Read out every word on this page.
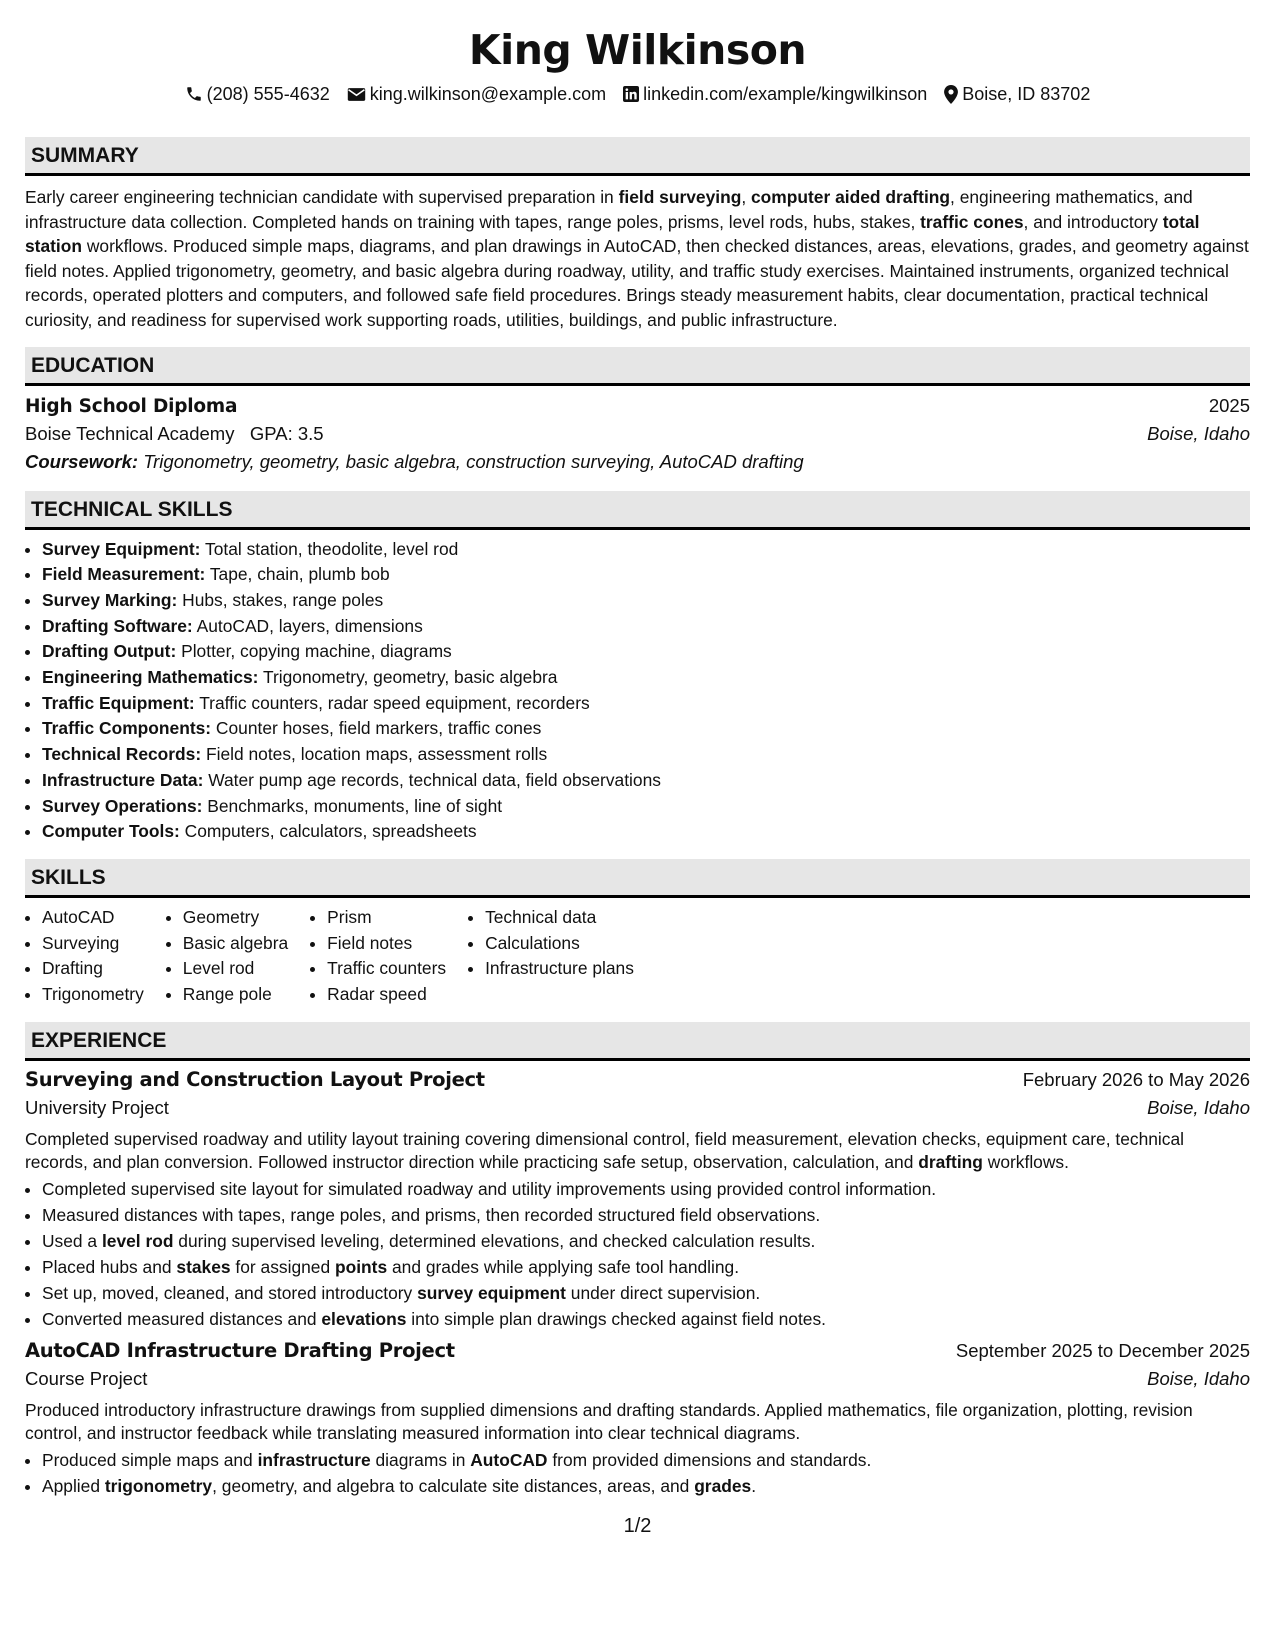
King Wilkinson
(208) 555-4632 king.wilkinson@example.com linkedin.com/example/kingwilkinson Boise, ID 83702
SUMMARY

Early career engineering technician candidate with supervised preparation in field surveying, computer aided drafting, engineering mathematics, and infrastructure data collection. Completed hands on training with tapes, range poles, prisms, level rods, hubs, stakes, traffic cones, and introductory total station workflows. Produced simple maps, diagrams, and plan drawings in AutoCAD, then checked distances, areas, elevations, grades, and geometry against field notes. Applied trigonometry, geometry, and basic algebra during roadway, utility, and traffic study exercises. Maintained instruments, organized technical records, operated plotters and computers, and followed safe field procedures. Brings steady measurement habits, clear documentation, practical technical curiosity, and readiness for supervised work supporting roads, utilities, buildings, and public infrastructure.

EDUCATION
High School Diploma	2025
Boise Technical Academy GPA: 3.5	Boise, Idaho
Coursework: Trigonometry, geometry, basic algebra, construction surveying, AutoCAD drafting
TECHNICAL SKILLS
• Survey Equipment: Total station, theodolite, level rod
• Field Measurement: Tape, chain, plumb bob
• Survey Marking: Hubs, stakes, range poles
• Drafting Software: AutoCAD, layers, dimensions
• Drafting Output: Plotter, copying machine, diagrams
• Engineering Mathematics: Trigonometry, geometry, basic algebra
• Traffic Equipment: Traffic counters, radar speed equipment, recorders
• Traffic Components: Counter hoses, field markers, traffic cones
• Technical Records: Field notes, location maps, assessment rolls
• Infrastructure Data: Water pump age records, technical data, field observations
• Survey Operations: Benchmarks, monuments, line of sight
• Computer Tools: Computers, calculators, spreadsheets
SKILLS
• AutoCAD
• Surveying
• Drafting
• Trigonometry
• Geometry
• Basic algebra
• Level rod
• Range pole
• Prism
• Field notes
• Traffic counters
• Radar speed
• Technical data
• Calculations
• Infrastructure plans
EXPERIENCE
Surveying and Construction Layout Project	February 2026 to May 2026
University Project	Boise, Idaho
Completed supervised roadway and utility layout training covering dimensional control, field measurement, elevation checks, equipment care, technical records, and plan conversion. Followed instructor direction while practicing safe setup, observation, calculation, and drafting workflows.
• Completed supervised site layout for simulated roadway and utility improvements using provided control information.
• Measured distances with tapes, range poles, and prisms, then recorded structured field observations.
• Used a level rod during supervised leveling, determined elevations, and checked calculation results.
• Placed hubs and stakes for assigned points and grades while applying safe tool handling.
• Set up, moved, cleaned, and stored introductory survey equipment under direct supervision.
• Converted measured distances and elevations into simple plan drawings checked against field notes.
AutoCAD Infrastructure Drafting Project	September 2025 to December 2025
Course Project	Boise, Idaho
Produced introductory infrastructure drawings from supplied dimensions and drafting standards. Applied mathematics, file organization, plotting, revision control, and instructor feedback while translating measured information into clear technical diagrams.
• Produced simple maps and infrastructure diagrams in AutoCAD from provided dimensions and standards.
• Applied trigonometry, geometry, and algebra to calculate site distances, areas, and grades.
1/2
